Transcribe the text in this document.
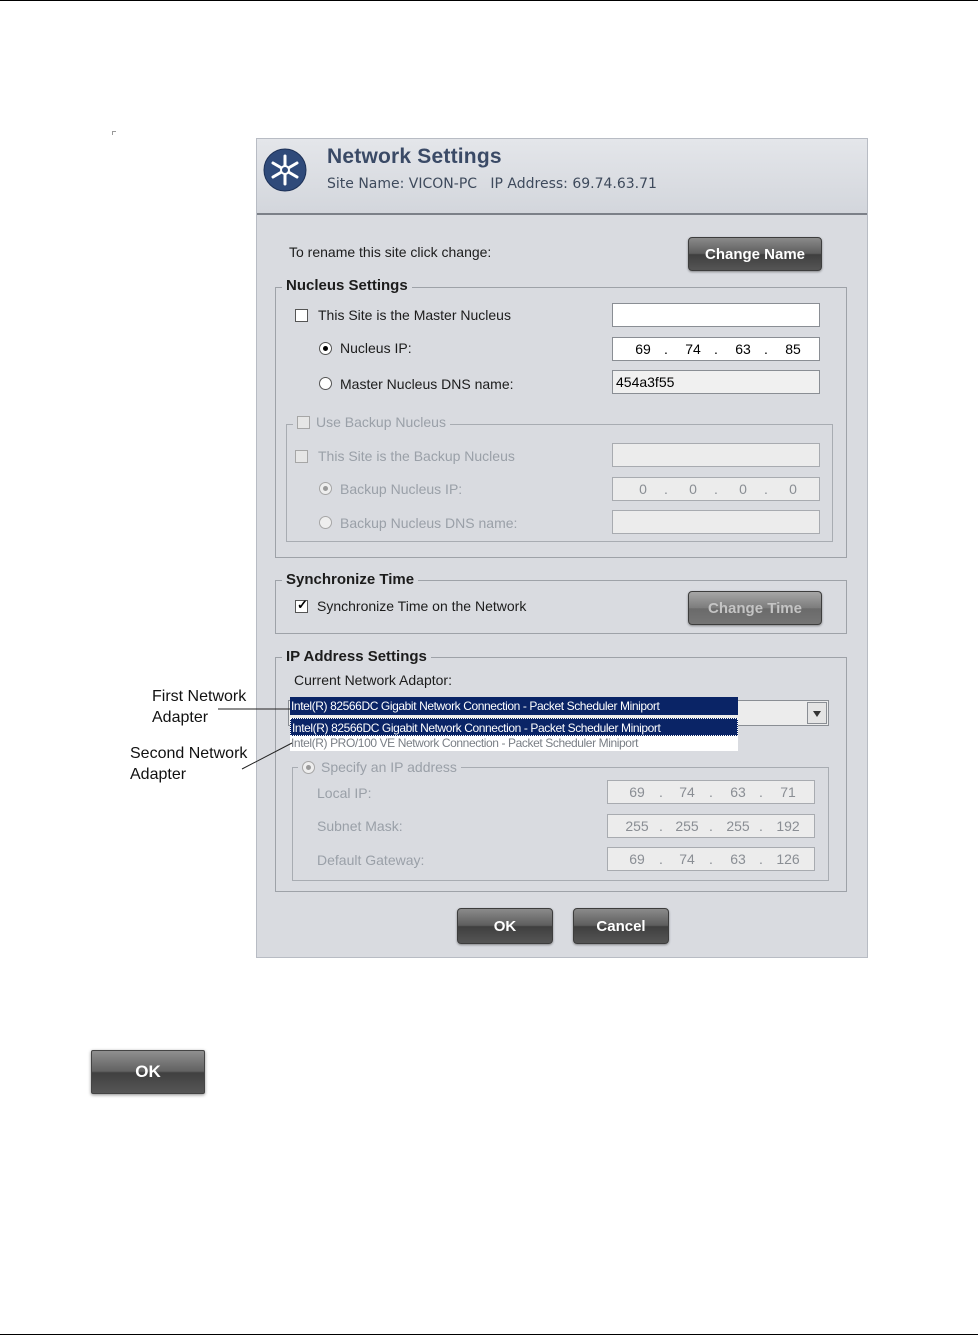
Network Settings
Site Name: VICON-PC   IP Address: 69.74.63.71
To rename this site click change:	Change Name
Nucleus Settings
This Site is the Master Nucleus
Nucleus IP:	69 .	74 .	63 .	85
Master Nucleus DNS name:	454a3f55
Use Backup Nucleus
This Site is the Backup Nucleus
Backup Nucleus IP:	0	.	0	.	0	.	0
Backup Nucleus DNS name:
Synchronize Time
✓ Synchronize Time on the Network	Change Time
IP Address Settings
Current Network Adaptor:
Intel(R) 82566DC Gigabit Network Connection - Packet Scheduler Miniport
Intel(R) 82566DC Gigabit Network Connection - Packet Scheduler Miniport
Intel(R) PRO/100 VE Network Connection - Packet Scheduler Miniport
Specify an IP address
Local IP:	69	.	74	.	63 .	71
Subnet Mask:	255 . 255 . 255 . 192
Default Gateway:	69	.	74	.	63 . 126
OK	Cancel
First Network
Adapter
Second Network
Adapter
OK
